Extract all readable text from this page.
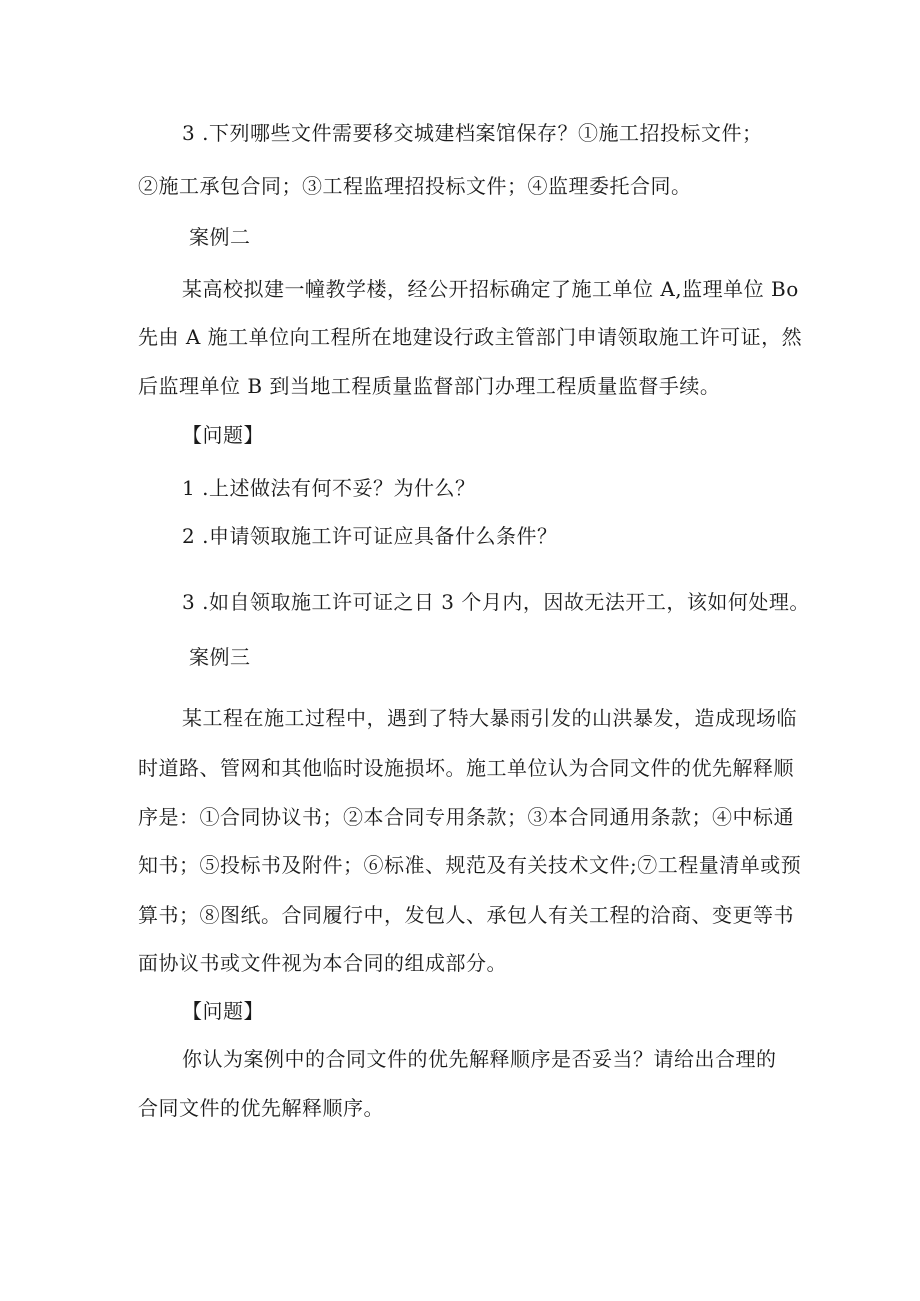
3 .下列哪些文件需要移交城建档案馆保存？①施工招投标文件；
②施工承包合同；③工程监理招投标文件；④监理委托合同。
案例二
某高校拟建一幢教学楼，经公开招标确定了施工单位 A,监理单位 Bo
先由 A 施工单位向工程所在地建设行政主管部门申请领取施工许可证，然
后监理单位 B 到当地工程质量监督部门办理工程质量监督手续。
【问题】
1 .上述做法有何不妥？为什么？
2 .申请领取施工许可证应具备什么条件？
3 .如自领取施工许可证之日 3 个月内，因故无法开工，该如何处理。
案例三
某工程在施工过程中，遇到了特大暴雨引发的山洪暴发，造成现场临
时道路、管网和其他临时设施损坏。施工单位认为合同文件的优先解释顺
序是：①合同协议书；②本合同专用条款；③本合同通用条款；④中标通
知书；⑤投标书及附件；⑥标准、规范及有关技术文件;⑦工程量清单或预
算书；⑧图纸。合同履行中，发包人、承包人有关工程的洽商、变更等书
面协议书或文件视为本合同的组成部分。
【问题】
你认为案例中的合同文件的优先解释顺序是否妥当？请给出合理的
合同文件的优先解释顺序。
